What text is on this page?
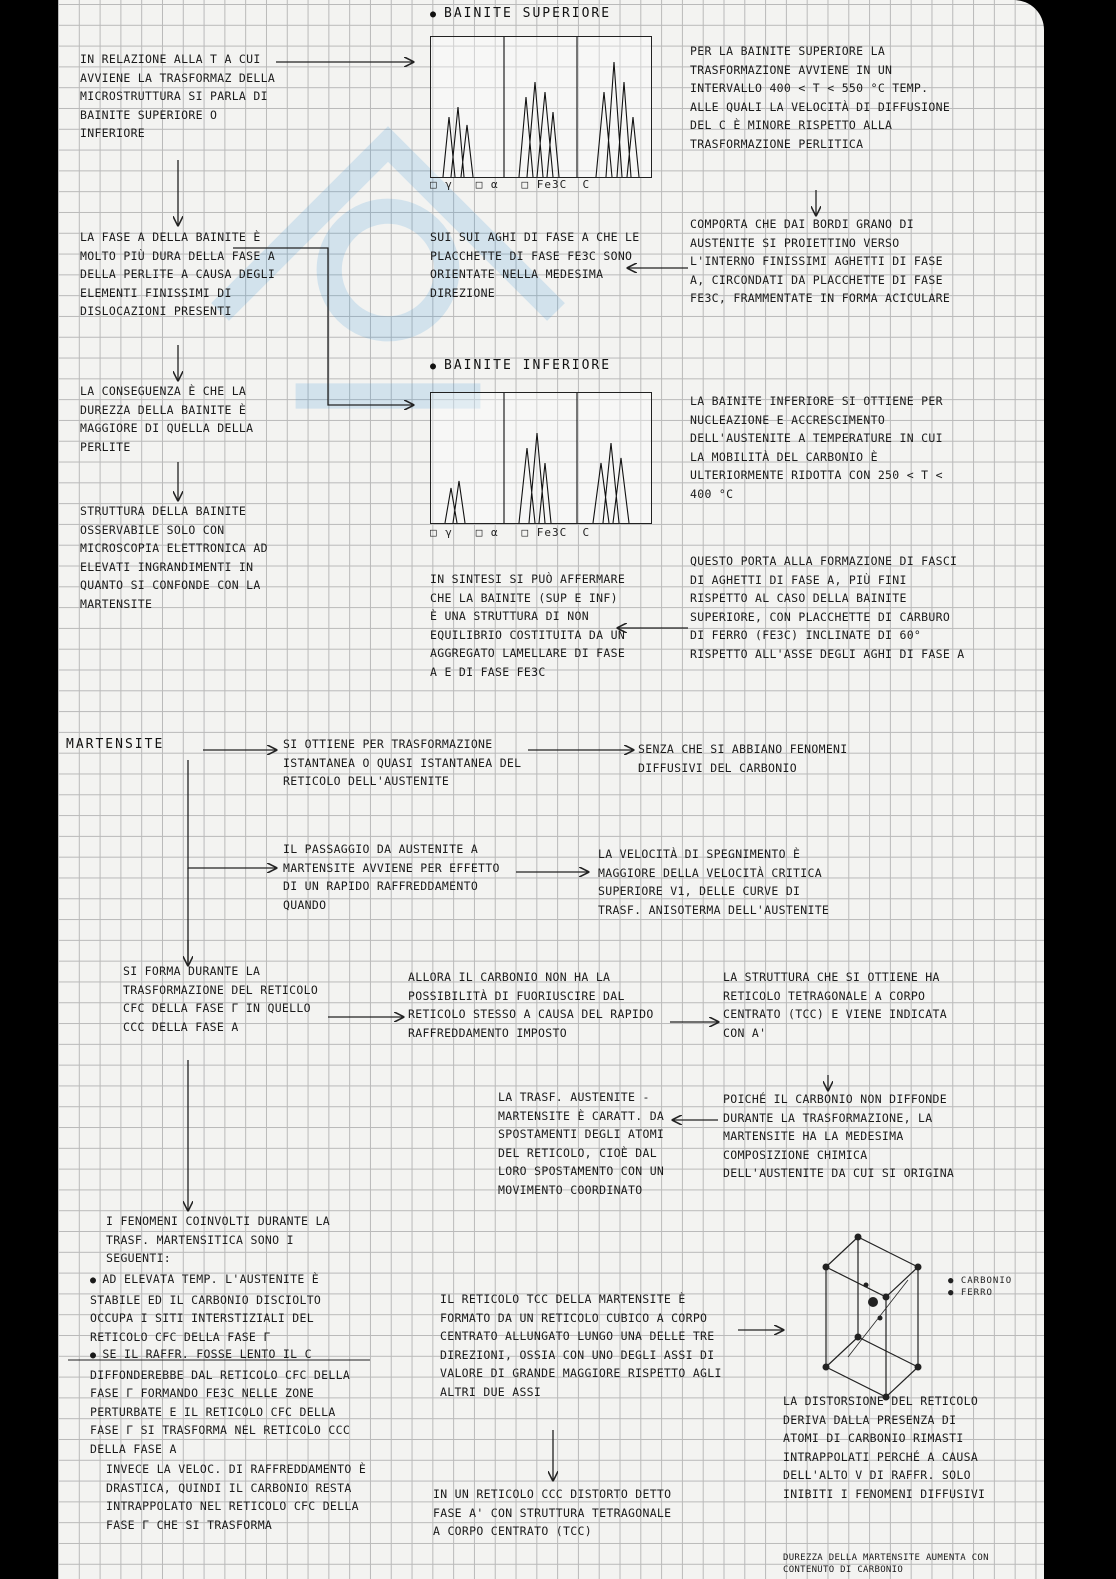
IN RELAZIONE ALLA T A CUI AVVIENE LA TRASFORMAZ DELLA MICROSTRUTTURA SI PARLA DI BAINITE SUPERIORE O INFERIORE
LA FASE Α DELLA BAINITE È MOLTO PIÙ DURA DELLA FASE Α DELLA PERLITE A CAUSA DEGLI ELEMENTI FINISSIMI DI DISLOCAZIONI PRESENTI
LA CONSEGUENZA È CHE LA DUREZZA DELLA BAINITE È MAGGIORE DI QUELLA DELLA PERLITE
STRUTTURA DELLA BAINITE OSSERVABILE SOLO CON MICROSCOPIA ELETTRONICA AD ELEVATI INGRANDIMENTI IN QUANTO SI CONFONDE CON LA MARTENSITE
● BAINITE SUPERIORE
□ γ □ α □ Fe3C C
SUI SUI AGHI DI FASE Α CHE LE PLACCHETTE DI FASE FE3C SONO ORIENTATE NELLA MEDESIMA DIREZIONE
● BAINITE INFERIORE
□ γ □ α □ Fe3C C
IN SINTESI SI PUÒ AFFERMARE CHE LA BAINITE (SUP E INF) È UNA STRUTTURA DI NON EQUILIBRIO COSTITUITA DA UN AGGREGATO LAMELLARE DI FASE Α E DI FASE FE3C
PER LA BAINITE SUPERIORE LA TRASFORMAZIONE AVVIENE IN UN INTERVALLO 400 < T < 550 °C TEMP. ALLE QUALI LA VELOCITÀ DI DIFFUSIONE DEL C È MINORE RISPETTO ALLA TRASFORMAZIONE PERLITICA
COMPORTA CHE DAI BORDI GRANO DI AUSTENITE SI PROIETTINO VERSO L'INTERNO FINISSIMI AGHETTI DI FASE Α, CIRCONDATI DA PLACCHETTE DI FASE FE3C, FRAMMENTATE IN FORMA ACICULARE
LA BAINITE INFERIORE SI OTTIENE PER NUCLEAZIONE E ACCRESCIMENTO DELL'AUSTENITE A TEMPERATURE IN CUI LA MOBILITÀ DEL CARBONIO È ULTERIORMENTE RIDOTTA CON 250 < T < 400 °C
QUESTO PORTA ALLA FORMAZIONE DI FASCI DI AGHETTI DI FASE Α, PIÙ FINI RISPETTO AL CASO DELLA BAINITE SUPERIORE, CON PLACCHETTE DI CARBURO DI FERRO (FE3C) INCLINATE DI 60° RISPETTO ALL'ASSE DEGLI AGHI DI FASE Α
MARTENSITE	SI OTTIENE PER TRASFORMAZIONE ISTANTANEA O QUASI ISTANTANEA DEL RETICOLO DELL'AUSTENITE
SENZA CHE SI ABBIANO FENOMENI DIFFUSIVI DEL CARBONIO
IL PASSAGGIO DA AUSTENITE A MARTENSITE AVVIENE PER EFFETTO DI UN RAPIDO RAFFREDDAMENTO QUANDO
LA VELOCITÀ DI SPEGNIMENTO È MAGGIORE DELLA VELOCITÀ CRITICA SUPERIORE V1, DELLE CURVE DI TRASF. ANISOTERMA DELL'AUSTENITE
SI FORMA DURANTE LA TRASFORMAZIONE DEL RETICOLO CFC DELLA FASE Γ IN QUELLO CCC DELLA FASE Α
ALLORA IL CARBONIO NON HA LA POSSIBILITÀ DI FUORIUSCIRE DAL RETICOLO STESSO A CAUSA DEL RAPIDO RAFFREDDAMENTO IMPOSTO
LA STRUTTURA CHE SI OTTIENE HA RETICOLO TETRAGONALE A CORPO CENTRATO (TCC) E VIENE INDICATA CON Α'
POICHÉ IL CARBONIO NON DIFFONDE DURANTE LA TRASFORMAZIONE, LA MARTENSITE HA LA MEDESIMA COMPOSIZIONE CHIMICA DELL'AUSTENITE DA CUI SI ORIGINA
LA TRASF. AUSTENITE - MARTENSITE È CARATT. DA SPOSTAMENTI DEGLI ATOMI DEL RETICOLO, CIOÈ DAL LORO SPOSTAMENTO CON UN MOVIMENTO COORDINATO
I FENOMENI COINVOLTI DURANTE LA TRASF. MARTENSITICA SONO I SEGUENTI:
● AD ELEVATA TEMP. L'AUSTENITE È STABILE ED IL CARBONIO DISCIOLTO OCCUPA I SITI INTERSTIZIALI DEL RETICOLO CFC DELLA FASE Γ
● SE IL RAFFR. FOSSE LENTO IL C DIFFONDEREBBE DAL RETICOLO CFC DELLA FASE Γ FORMANDO FE3C NELLE ZONE PERTURBATE E IL RETICOLO CFC DELLA FASE Γ SI TRASFORMA NEL RETICOLO CCC DELLA FASE Α
INVECE LA VELOC. DI RAFFREDDAMENTO È DRASTICA, QUINDI IL CARBONIO RESTA INTRAPPOLATO NEL RETICOLO CFC DELLA FASE Γ CHE SI TRASFORMA
IL RETICOLO TCC DELLA MARTENSITE È FORMATO DA UN RETICOLO CUBICO A CORPO CENTRATO ALLUNGATO LUNGO UNA DELLE TRE DIREZIONI, OSSIA CON UNO DEGLI ASSI DI VALORE DI GRANDE MAGGIORE RISPETTO AGLI ALTRI DUE ASSI
IN UN RETICOLO CCC DISTORTO DETTO FASE Α' CON STRUTTURA TETRAGONALE A CORPO CENTRATO (TCC)
● CARBONIO
● FERRO
LA DISTORSIONE DEL RETICOLO DERIVA DALLA PRESENZA DI ATOMI DI CARBONIO RIMASTI INTRAPPOLATI PERCHÉ A CAUSA DELL'ALTO V DI RAFFR. SOLO INIBITI I FENOMENI DIFFUSIVI
DUREZZA DELLA MARTENSITE AUMENTA CON CONTENUTO DI CARBONIO
